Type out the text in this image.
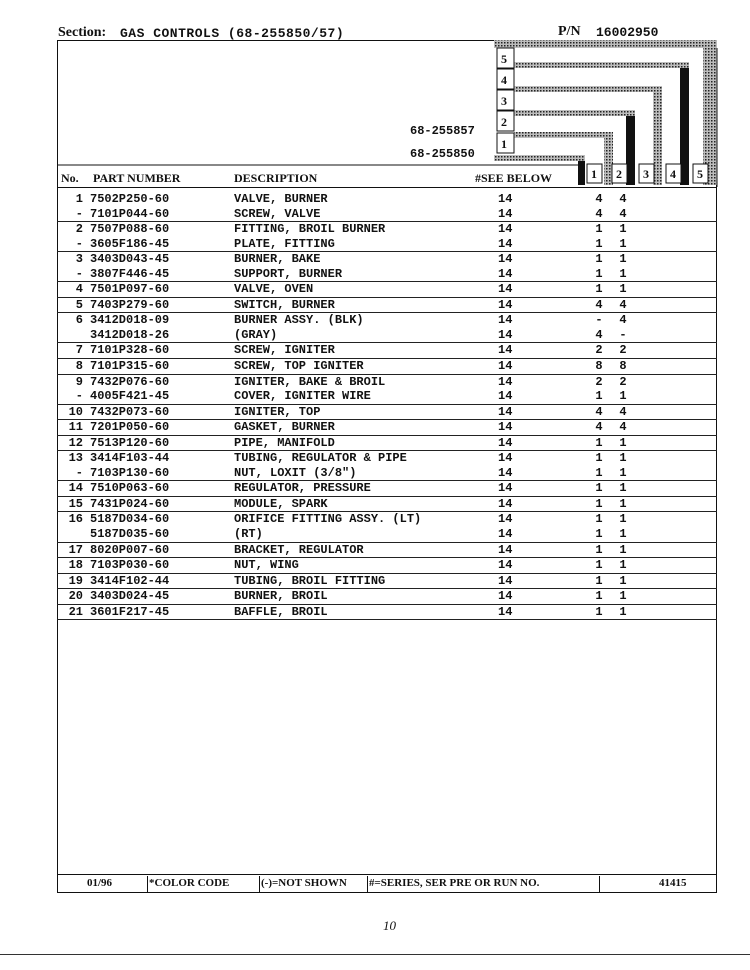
Section: GAS CONTROLS (68-255850/57)	P/N 16002950
5
4
3
2
1
68-255857
68-255850
1 2 3 4 5
No. PART NUMBER	DESCRIPTION	#SEE BELOW
1 7502P250-60	VALVE, BURNER	14	4	4
- 7101P044-60	SCREW, VALVE	14	4	4
2 7507P088-60	FITTING, BROIL BURNER	14	1	1
- 3605F186-45	PLATE, FITTING	14	1	1
3 3403D043-45	BURNER, BAKE	14	1	1
- 3807F446-45	SUPPORT, BURNER	14	1	1
4 7501P097-60	VALVE, OVEN	14	1	1
5 7403P279-60	SWITCH, BURNER	14	4	4
6 3412D018-09	BURNER ASSY. (BLK)	14	-	4
3412D018-26	(GRAY)	14	4	-
7 7101P328-60	SCREW, IGNITER	14	2	2
8 7101P315-60	SCREW, TOP IGNITER	14	8	8
9 7432P076-60	IGNITER, BAKE & BROIL	14	2	2
- 4005F421-45	COVER, IGNITER WIRE	14	1	1
10 7432P073-60	IGNITER, TOP	14	4	4
11 7201P050-60	GASKET, BURNER	14	4	4
12 7513P120-60	PIPE, MANIFOLD	14	1	1
13 3414F103-44	TUBING, REGULATOR & PIPE	14	1	1
- 7103P130-60	NUT, LOXIT (3/8")	14	1	1
14 7510P063-60	REGULATOR, PRESSURE	14	1	1
15 7431P024-60	MODULE, SPARK	14	1	1
16 5187D034-60	ORIFICE FITTING ASSY. (LT)	14	1	1
5187D035-60	(RT)	14	1	1
17 8020P007-60	BRACKET, REGULATOR	14	1	1
18 7103P030-60	NUT, WING	14	1	1
19 3414F102-44	TUBING, BROIL FITTING	14	1	1
20 3403D024-45	BURNER, BROIL	14	1	1
21 3601F217-45	BAFFLE, BROIL	14	1	1
01/96	*COLOR CODE	(-)=NOT SHOWN #=SERIES, SER PRE OR RUN NO.	41415
10
